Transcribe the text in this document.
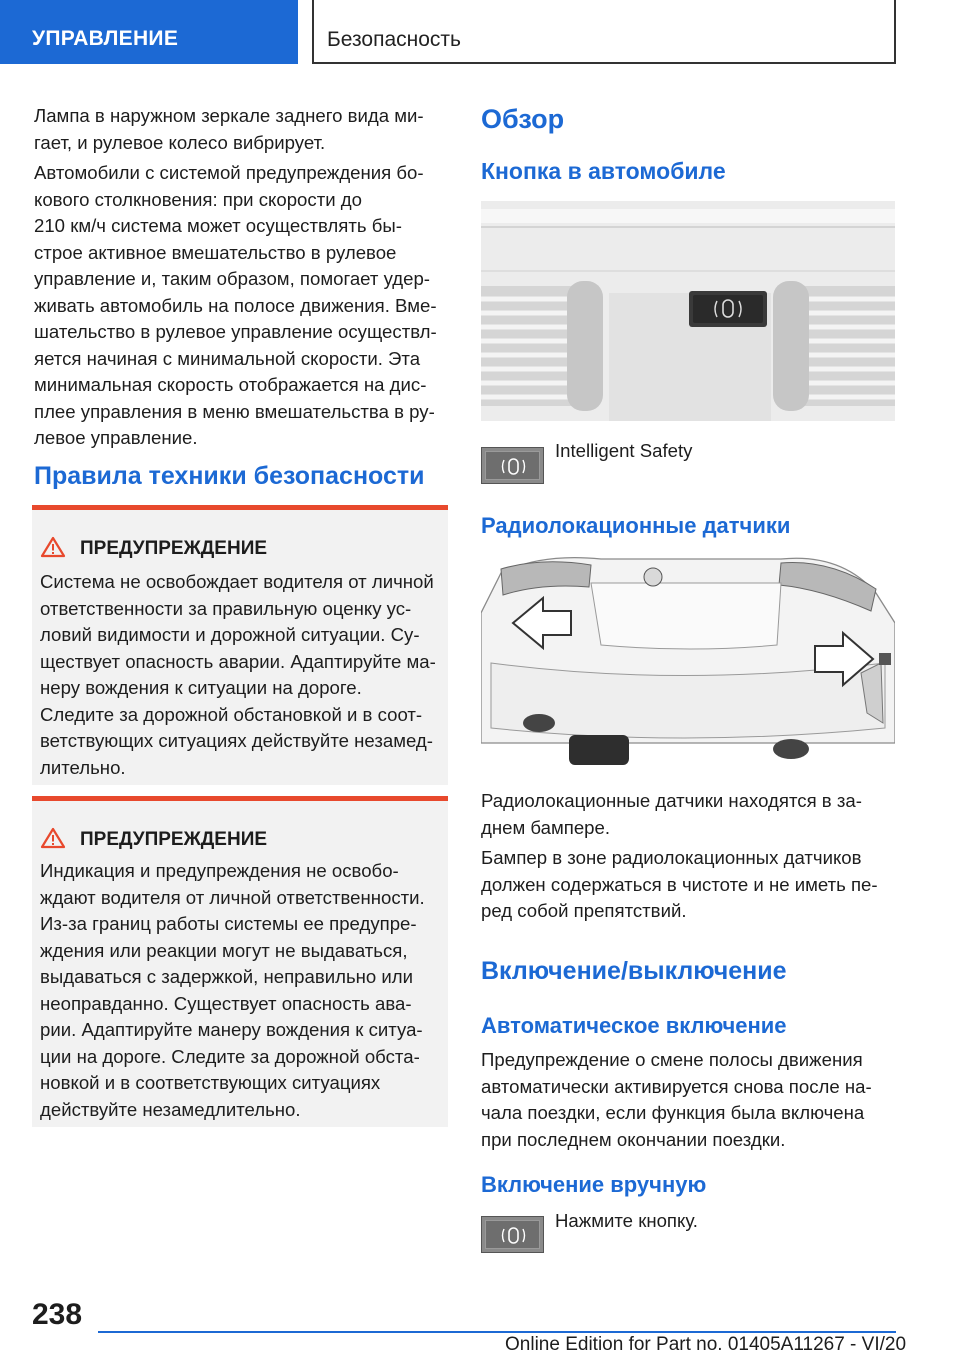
УПРАВЛЕНИЕ	Безопасность

Лампа в наружном зеркале заднего вида ми-
гает, и рулевое колесо вибрирует.

Автомобили с системой предупреждения бо-
кового столкновения: при скорости до
210 км/ч система может осуществлять бы-
строе активное вмешательство в рулевое
управление и, таким образом, помогает удер-
живать автомобиль на полосе движения. Вме-
шательство в рулевое управление осуществл-
яется начиная с минимальной скорости. Эта
минимальная скорость отображается на дис-
плее управления в меню вмешательства в ру-
левое управление.

Правила техники безопасности
ПРЕДУПРЕЖДЕНИЕ
Система не освобождает водителя от личной
ответственности за правильную оценку ус-
ловий видимости и дорожной ситуации. Су-
ществует опасность аварии. Адаптируйте ма-
неру вождения к ситуации на дороге.
Следите за дорожной обстановкой и в соот-
ветствующих ситуациях действуйте незамед-
лительно.
ПРЕДУПРЕЖДЕНИЕ
Индикация и предупреждения не освобо-
ждают водителя от личной ответственности.
Из-за границ работы системы ее предупре-
ждения или реакции могут не выдаваться,
выдаваться с задержкой, неправильно или
неоправданно. Существует опасность ава-
рии. Адаптируйте манеру вождения к ситуа-
ции на дороге. Следите за дорожной обста-
новкой и в соответствующих ситуациях
действуйте незамедлительно.
Обзор
Кнопка в автомобиле
Intelligent Safety
Радиолокационные датчики

Радиолокационные датчики находятся в за-
днем бампере.

Бампер в зоне радиолокационных датчиков
должен содержаться в чистоте и не иметь пе-
ред собой препятствий.

Включение/выключение
Автоматическое включение

Предупреждение о смене полосы движения
автоматически активируется снова после на-
чала поездки, если функция была включена
при последнем окончании поездки.

Включение вручную
Нажмите кнопку.
238
Online Edition for Part no. 01405A11267 - VI/20
